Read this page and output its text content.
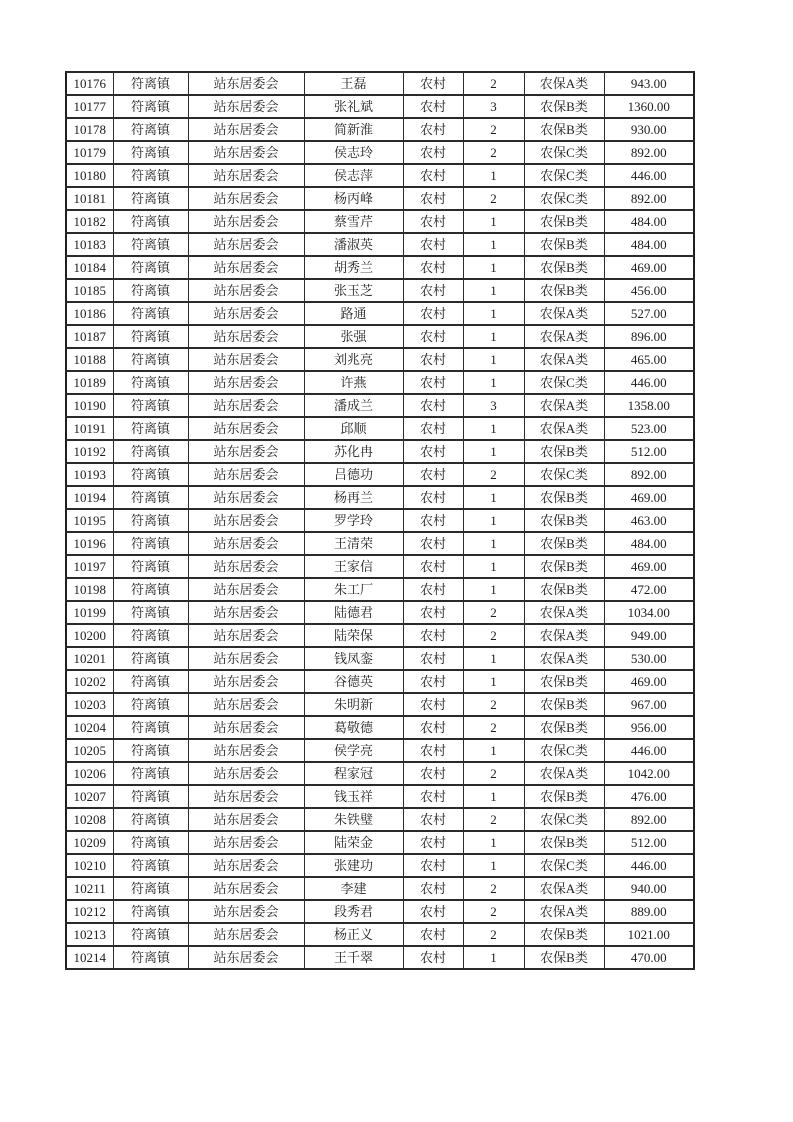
10176	符离镇	站东居委会	王磊	农村	2	农保A类	943.00
10177	符离镇	站东居委会	张礼斌	农村	3	农保B类	1360.00
10178	符离镇	站东居委会	简新淮	农村	2	农保B类	930.00
10179	符离镇	站东居委会	侯志玲	农村	2	农保C类	892.00
10180	符离镇	站东居委会	侯志萍	农村	1	农保C类	446.00
10181	符离镇	站东居委会	杨丙峰	农村	2	农保C类	892.00
10182	符离镇	站东居委会	蔡雪芹	农村	1	农保B类	484.00
10183	符离镇	站东居委会	潘淑英	农村	1	农保B类	484.00
10184	符离镇	站东居委会	胡秀兰	农村	1	农保B类	469.00
10185	符离镇	站东居委会	张玉芝	农村	1	农保B类	456.00
10186	符离镇	站东居委会	路通	农村	1	农保A类	527.00
10187	符离镇	站东居委会	张强	农村	1	农保A类	896.00
10188	符离镇	站东居委会	刘兆亮	农村	1	农保A类	465.00
10189	符离镇	站东居委会	许燕	农村	1	农保C类	446.00
10190	符离镇	站东居委会	潘成兰	农村	3	农保A类	1358.00
10191	符离镇	站东居委会	邱顺	农村	1	农保A类	523.00
10192	符离镇	站东居委会	苏化冉	农村	1	农保B类	512.00
10193	符离镇	站东居委会	吕德功	农村	2	农保C类	892.00
10194	符离镇	站东居委会	杨再兰	农村	1	农保B类	469.00
10195	符离镇	站东居委会	罗学玲	农村	1	农保B类	463.00
10196	符离镇	站东居委会	王清荣	农村	1	农保B类	484.00
10197	符离镇	站东居委会	王家信	农村	1	农保B类	469.00
10198	符离镇	站东居委会	朱工厂	农村	1	农保B类	472.00
10199	符离镇	站东居委会	陆德君	农村	2	农保A类	1034.00
10200	符离镇	站东居委会	陆荣保	农村	2	农保A类	949.00
10201	符离镇	站东居委会	钱凤銮	农村	1	农保A类	530.00
10202	符离镇	站东居委会	谷德英	农村	1	农保B类	469.00
10203	符离镇	站东居委会	朱明新	农村	2	农保B类	967.00
10204	符离镇	站东居委会	葛敬德	农村	2	农保B类	956.00
10205	符离镇	站东居委会	侯学亮	农村	1	农保C类	446.00
10206	符离镇	站东居委会	程家冠	农村	2	农保A类	1042.00
10207	符离镇	站东居委会	钱玉祥	农村	1	农保B类	476.00
10208	符离镇	站东居委会	朱铁璧	农村	2	农保C类	892.00
10209	符离镇	站东居委会	陆荣金	农村	1	农保B类	512.00
10210	符离镇	站东居委会	张建功	农村	1	农保C类	446.00
10211	符离镇	站东居委会	李建	农村	2	农保A类	940.00
10212	符离镇	站东居委会	段秀君	农村	2	农保A类	889.00
10213	符离镇	站东居委会	杨正义	农村	2	农保B类	1021.00
10214	符离镇	站东居委会	王千翠	农村	1	农保B类	470.00
